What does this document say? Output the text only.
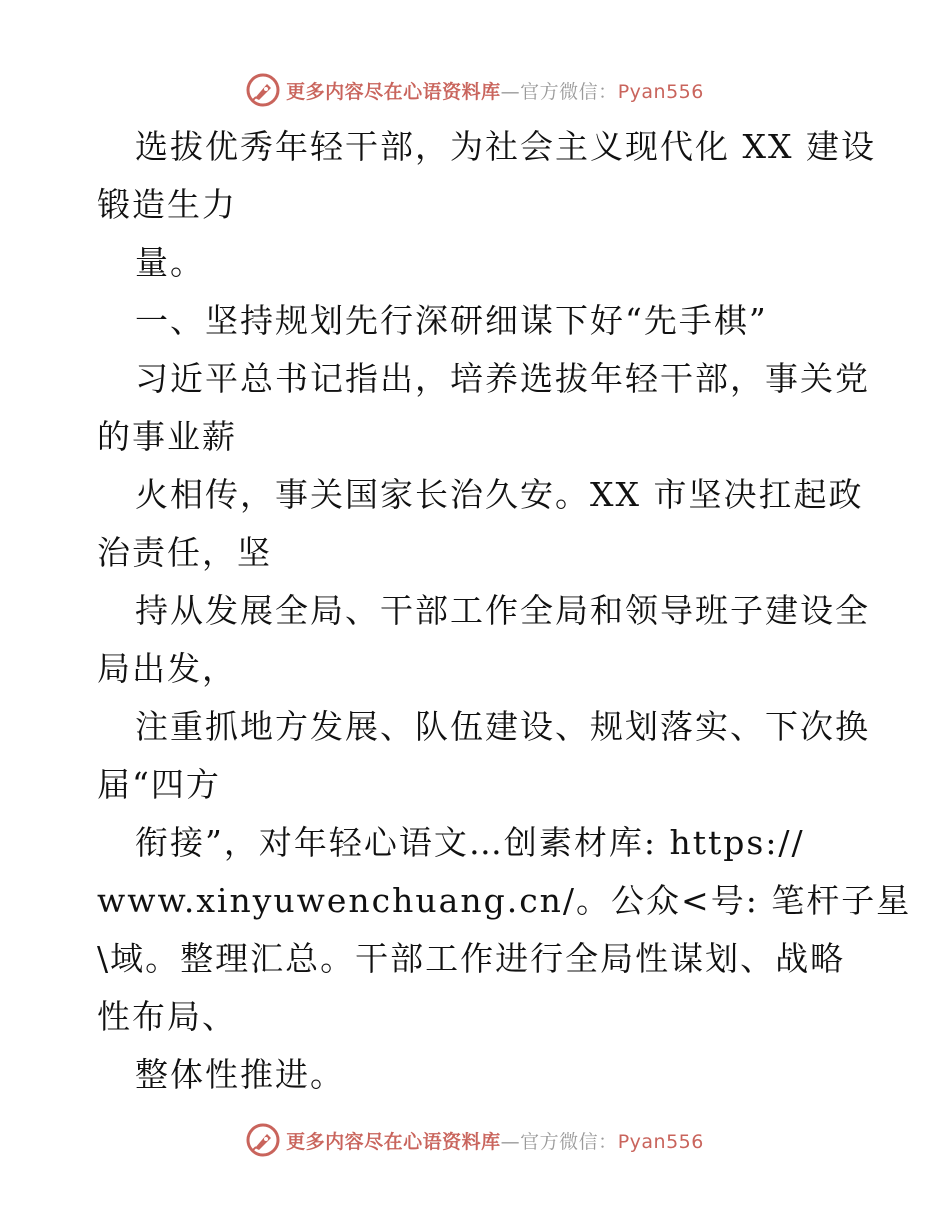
更多内容尽在心语资料库—官方微信：Pyan556
选拔优秀年轻干部，为社会主义现代化 XX 建设
锻造生力
量。
一、坚持规划先行深研细谋下好“先手棋”
习近平总书记指出，培养选拔年轻干部，事关党
的事业薪
火相传，事关国家长治久安。XX 市坚决扛起政
治责任，坚
持从发展全局、干部工作全局和领导班子建设全
局出发，
注重抓地方发展、队伍建设、规划落实、下次换
届“四方
衔接”，对年轻心语文…创素材库: https://
www.xinyuwenchuang.cn/。公众<号: 笔杆子星
\域。整理汇总。干部工作进行全局性谋划、战略
性布局、
整体性推进。
更多内容尽在心语资料库—官方微信：Pyan556
